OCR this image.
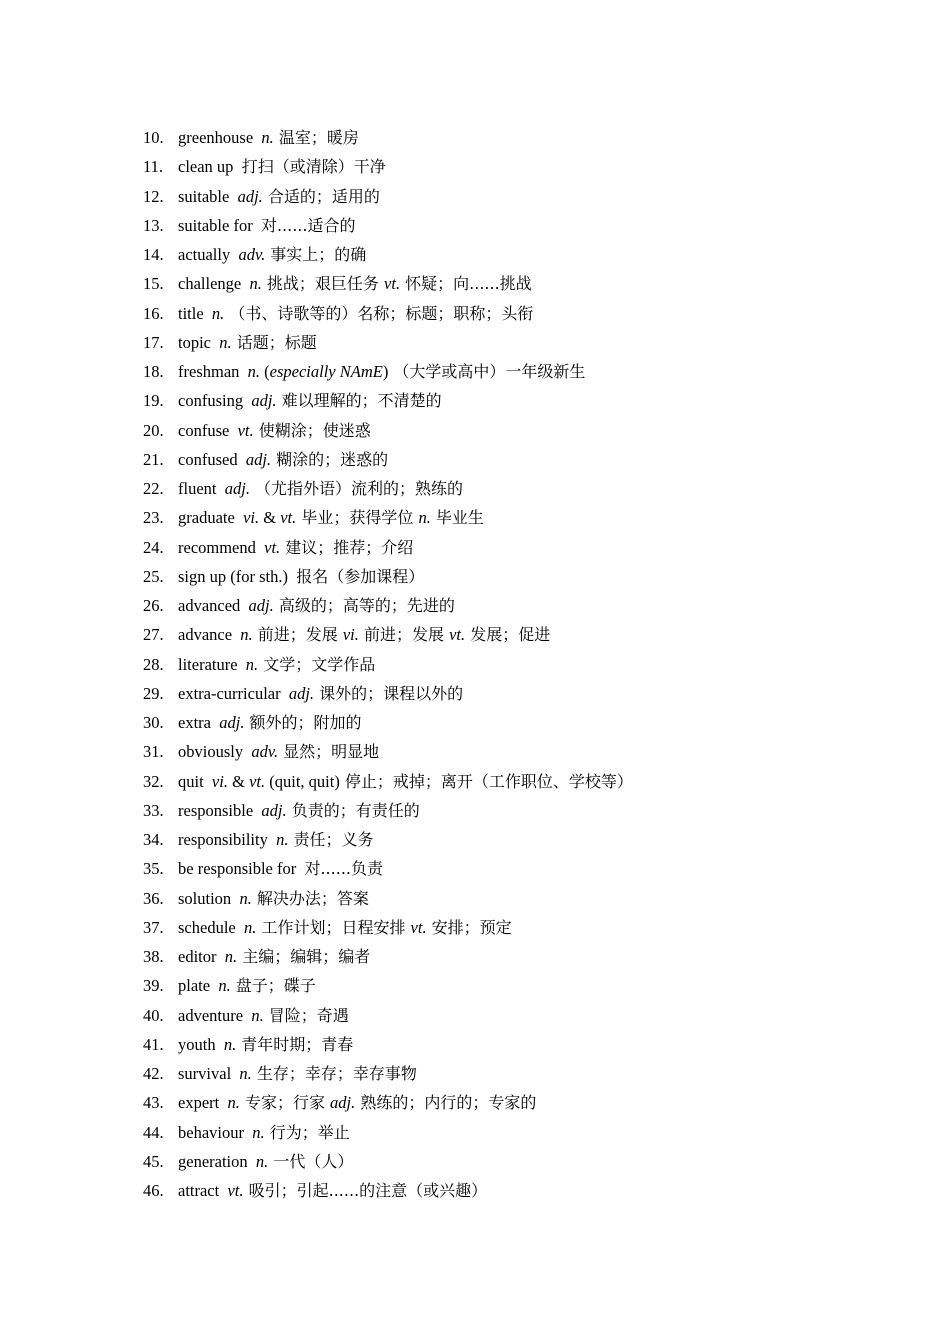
10. greenhouse  n. 温室；暖房
11. clean up  打扫（或清除）干净
12. suitable  adj. 合适的；适用的
13. suitable for  对......适合的
14. actually  adv. 事实上；的确
15. challenge  n. 挑战；艰巨任务 vt. 怀疑；向......挑战
16. title  n. （书、诗歌等的）名称；标题；职称；头衔
17. topic  n. 话题；标题
18. freshman  n. (especially NAmE) （大学或高中）一年级新生
19. confusing  adj. 难以理解的；不清楚的
20. confuse  vt. 使糊涂；使迷惑
21. confused  adj. 糊涂的；迷惑的
22. fluent  adj. （尤指外语）流利的；熟练的
23. graduate  vi. & vt. 毕业；获得学位 n. 毕业生
24. recommend  vt. 建议；推荐；介绍
25. sign up (for sth.)  报名（参加课程）
26. advanced  adj. 高级的；高等的；先进的
27. advance  n. 前进；发展 vi. 前进；发展 vt. 发展；促进
28. literature  n. 文学；文学作品
29. extra-curricular  adj. 课外的；课程以外的
30. extra  adj. 额外的；附加的
31. obviously  adv. 显然；明显地
32. quit  vi. & vt. (quit, quit) 停止；戒掉；离开（工作职位、学校等）
33. responsible  adj. 负责的；有责任的
34. responsibility  n. 责任；义务
35. be responsible for  对......负责
36. solution  n. 解决办法；答案
37. schedule  n. 工作计划；日程安排 vt. 安排；预定
38. editor  n. 主编；编辑；编者
39. plate  n. 盘子；碟子
40. adventure  n. 冒险；奇遇
41. youth  n. 青年时期；青春
42. survival  n. 生存；幸存；幸存事物
43. expert  n. 专家；行家 adj. 熟练的；内行的；专家的
44. behaviour  n. 行为；举止
45. generation  n. 一代（人）
46. attract  vt. 吸引；引起......的注意（或兴趣）
